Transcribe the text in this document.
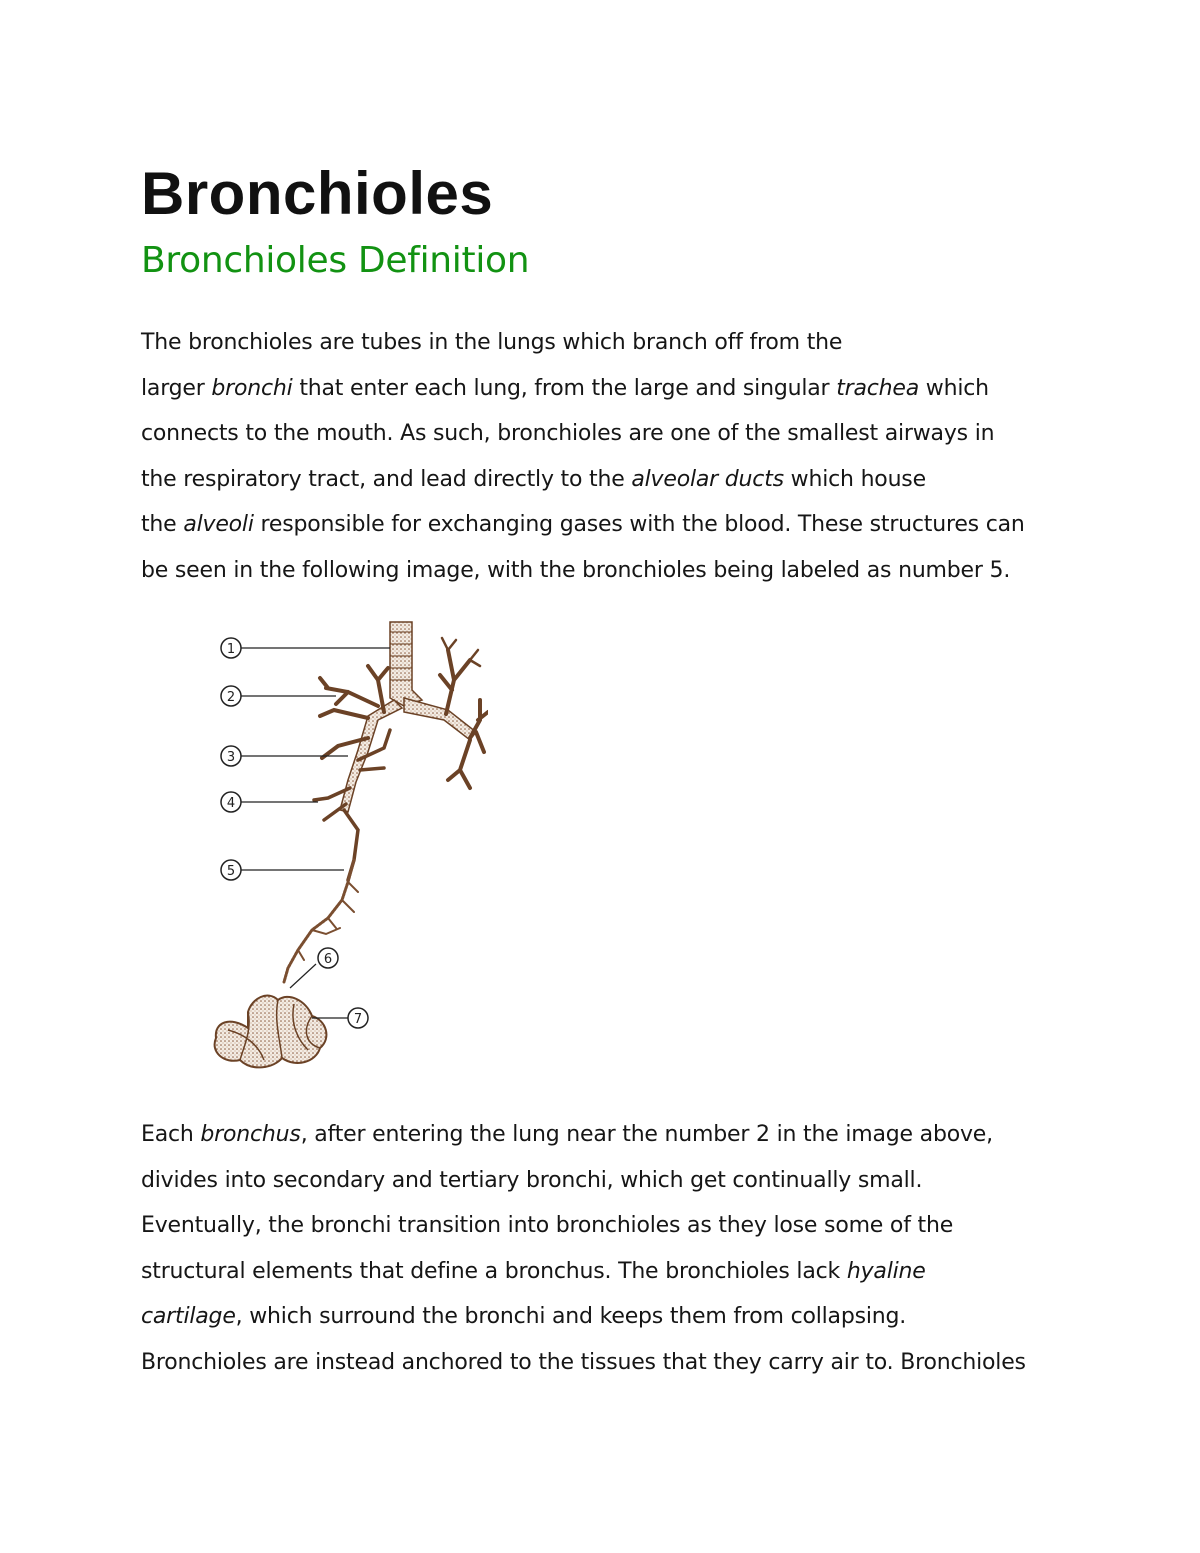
Bronchioles
Bronchioles Definition

The bronchioles are tubes in the lungs which branch off from the
larger bronchi that enter each lung, from the large and singular trachea which
connects to the mouth. As such, bronchioles are one of the smallest airways in
the respiratory tract, and lead directly to the alveolar ducts which house
the alveoli responsible for exchanging gases with the blood. These structures can
be seen in the following image, with the bronchioles being labeled as number 5.

1
2
3
4
5
6
7

Each bronchus, after entering the lung near the number 2 in the image above,
divides into secondary and tertiary bronchi, which get continually small.
Eventually, the bronchi transition into bronchioles as they lose some of the
structural elements that define a bronchus. The bronchioles lack hyaline
cartilage, which surround the bronchi and keeps them from collapsing.
Bronchioles are instead anchored to the tissues that they carry air to. Bronchioles
